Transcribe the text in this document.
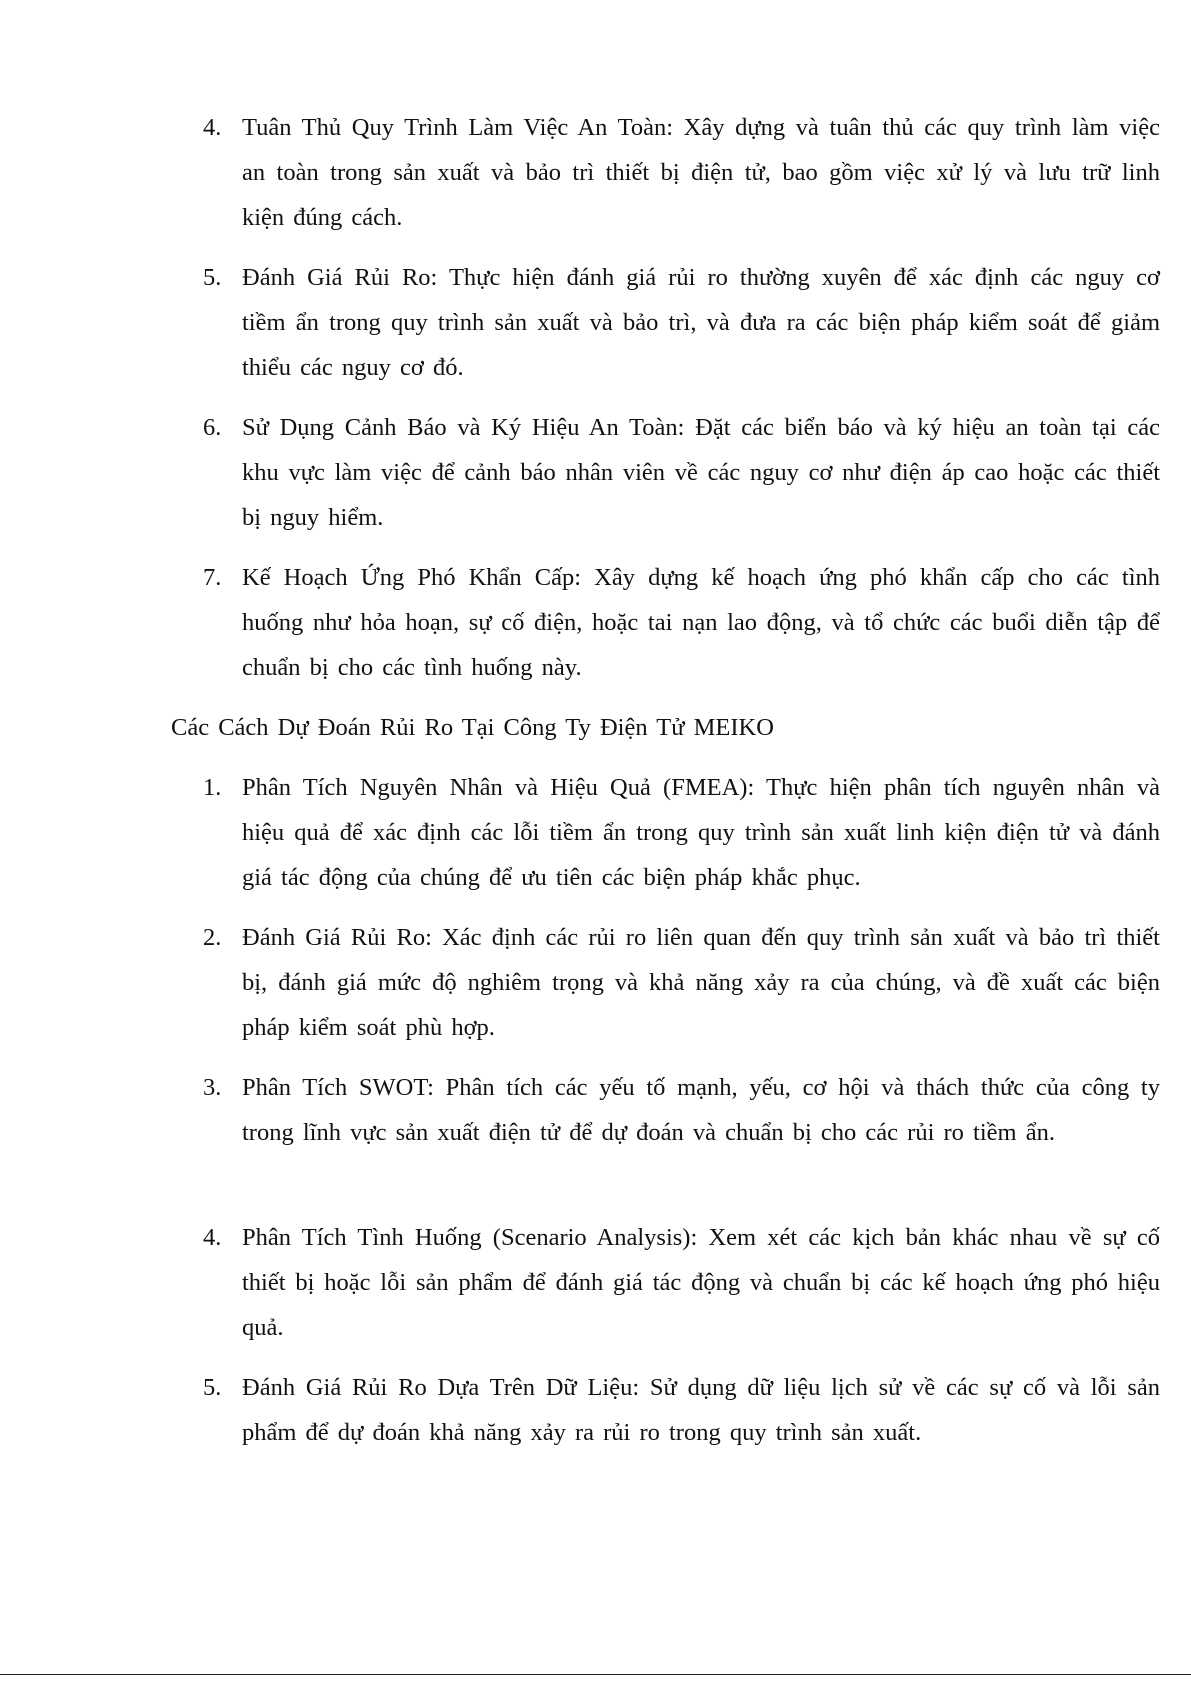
4. Tuân Thủ Quy Trình Làm Việc An Toàn: Xây dựng và tuân thủ các quy trình làm việc an toàn trong sản xuất và bảo trì thiết bị điện tử, bao gồm việc xử lý và lưu trữ linh kiện đúng cách.
5. Đánh Giá Rủi Ro: Thực hiện đánh giá rủi ro thường xuyên để xác định các nguy cơ tiềm ẩn trong quy trình sản xuất và bảo trì, và đưa ra các biện pháp kiểm soát để giảm thiểu các nguy cơ đó.
6. Sử Dụng Cảnh Báo và Ký Hiệu An Toàn: Đặt các biển báo và ký hiệu an toàn tại các khu vực làm việc để cảnh báo nhân viên về các nguy cơ như điện áp cao hoặc các thiết bị nguy hiểm.
7. Kế Hoạch Ứng Phó Khẩn Cấp: Xây dựng kế hoạch ứng phó khẩn cấp cho các tình huống như hỏa hoạn, sự cố điện, hoặc tai nạn lao động, và tổ chức các buổi diễn tập để chuẩn bị cho các tình huống này.
Các Cách Dự Đoán Rủi Ro Tại Công Ty Điện Tử MEIKO
1. Phân Tích Nguyên Nhân và Hiệu Quả (FMEA): Thực hiện phân tích nguyên nhân và hiệu quả để xác định các lỗi tiềm ẩn trong quy trình sản xuất linh kiện điện tử và đánh giá tác động của chúng để ưu tiên các biện pháp khắc phục.
2. Đánh Giá Rủi Ro: Xác định các rủi ro liên quan đến quy trình sản xuất và bảo trì thiết bị, đánh giá mức độ nghiêm trọng và khả năng xảy ra của chúng, và đề xuất các biện pháp kiểm soát phù hợp.
3. Phân Tích SWOT: Phân tích các yếu tố mạnh, yếu, cơ hội và thách thức của công ty trong lĩnh vực sản xuất điện tử để dự đoán và chuẩn bị cho các rủi ro tiềm ẩn.
4. Phân Tích Tình Huống (Scenario Analysis): Xem xét các kịch bản khác nhau về sự cố thiết bị hoặc lỗi sản phẩm để đánh giá tác động và chuẩn bị các kế hoạch ứng phó hiệu quả.
5. Đánh Giá Rủi Ro Dựa Trên Dữ Liệu: Sử dụng dữ liệu lịch sử về các sự cố và lỗi sản phẩm để dự đoán khả năng xảy ra rủi ro trong quy trình sản xuất.
